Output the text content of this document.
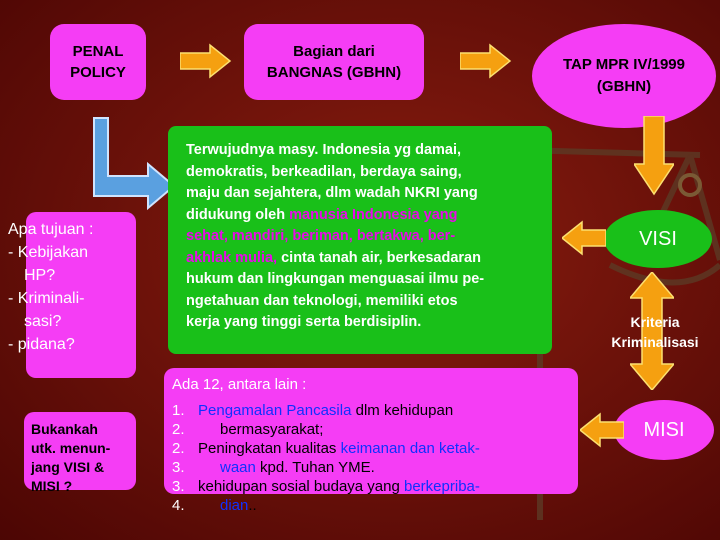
PENAL
POLICY
Bagian dari
BANGNAS (GBHN)	TAP MPR IV/1999
(GBHN)
Apa tujuan :
- Kebijakan
HP?
- Kriminali-
sasi?
- pidana?
Bukankah
utk. menun-
jang VISI &
MISI ?
Terwujudnya masy. Indonesia yg damai,
demokratis, berkeadilan, berdaya saing,
maju dan sejahtera, dlm wadah NKRI yang
didukung oleh manusia Indonesia yang
sehat, mandiri, beriman, bertakwa, ber-
akhlak mulia, cinta tanah air, berkesadaran
hukum dan lingkungan menguasai ilmu pe-
ngetahuan dan teknologi, memiliki etos
kerja yang tinggi serta berdisiplin.
Ada 12, antara lain :
1.
2.
2.
3.
3.
4.
Pengamalan Pancasila dlm kehidupan
bermasyarakat;
Peningkatan kualitas keimanan dan ketak-
waan kpd. Tuhan YME.
kehidupan sosial budaya yang berkepriba-
dian..
VISI
Kriteria
Kriminalisasi
MISI
